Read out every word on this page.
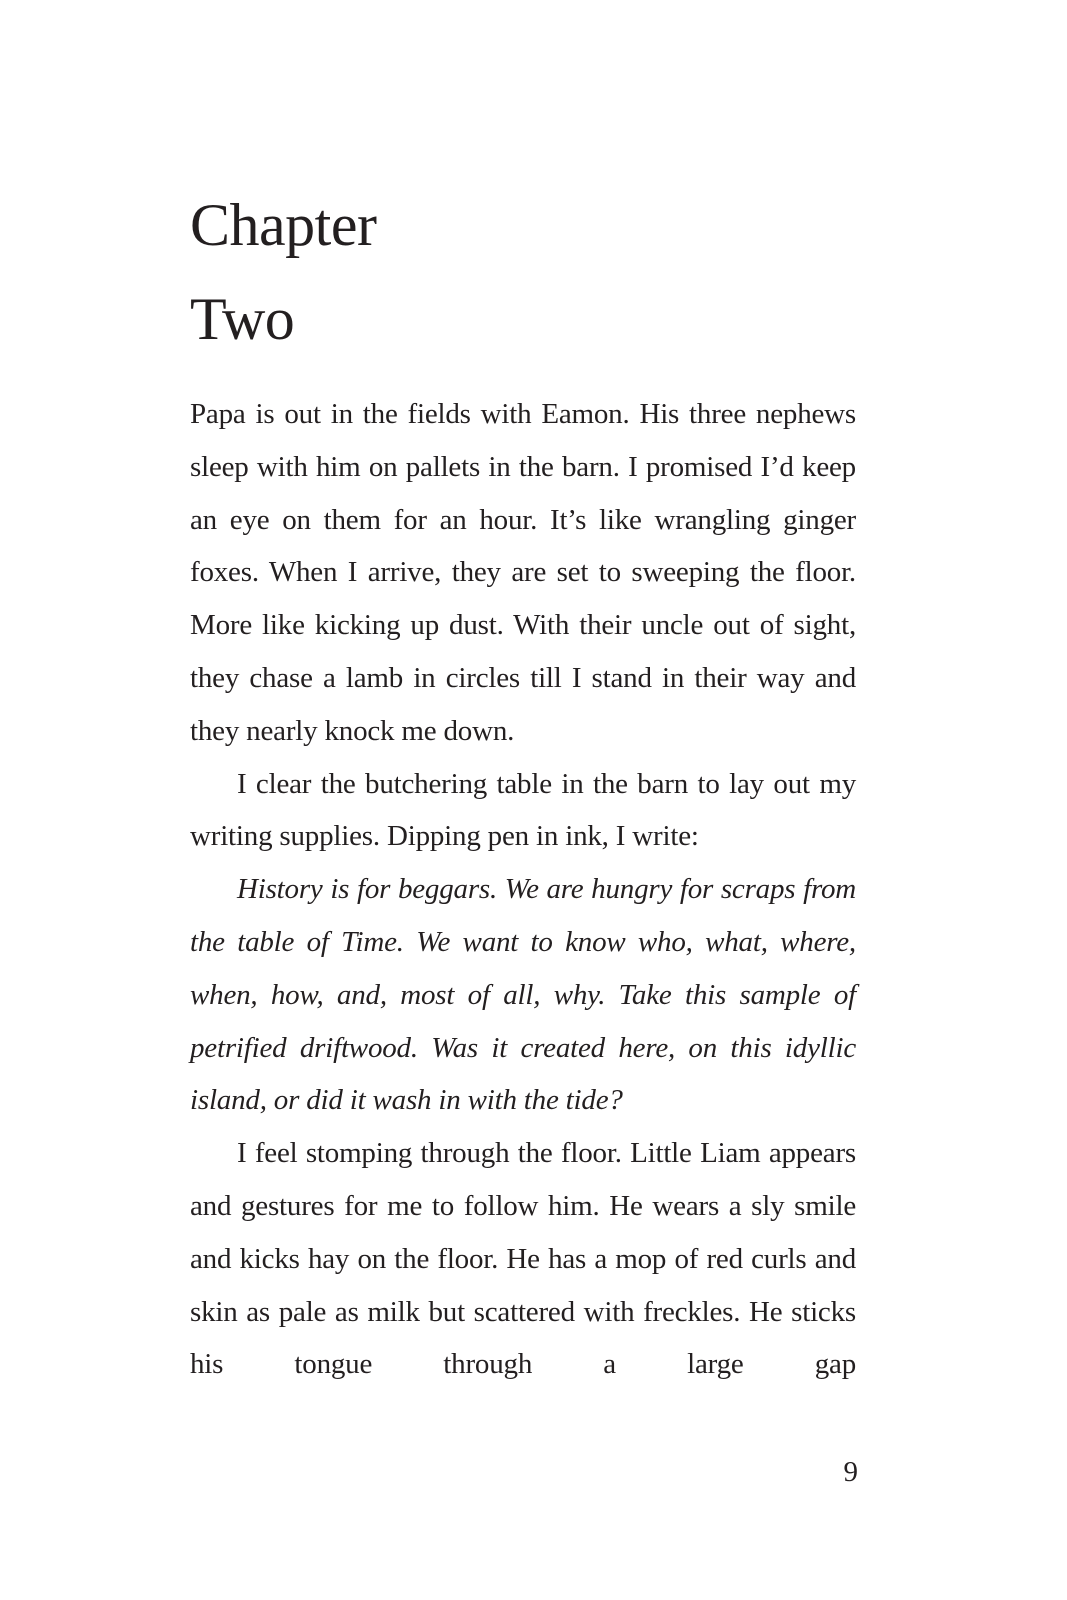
Chapter
Two

Papa is out in the fields with Eamon. His three nephews sleep with him on pallets in the barn. I promised I’d keep an eye on them for an hour. It’s like wrangling ginger foxes. When I arrive, they are set to sweeping the floor. More like kicking up dust. With their uncle out of sight, they chase a lamb in circles till I stand in their way and they nearly knock me down.

I clear the butchering table in the barn to lay out my writing supplies. Dipping pen in ink, I write:

History is for beggars. We are hungry for scraps from the table of Time. We want to know who, what, where, when, how, and, most of all, why. Take this sample of petrified driftwood. Was it created here, on this idyllic island, or did it wash in with the tide?

I feel stomping through the floor. Little Liam appears and gestures for me to follow him. He wears a sly smile and kicks hay on the floor. He has a mop of red curls and skin as pale as milk but scattered with freckles. He sticks his tongue through a large gap

9
